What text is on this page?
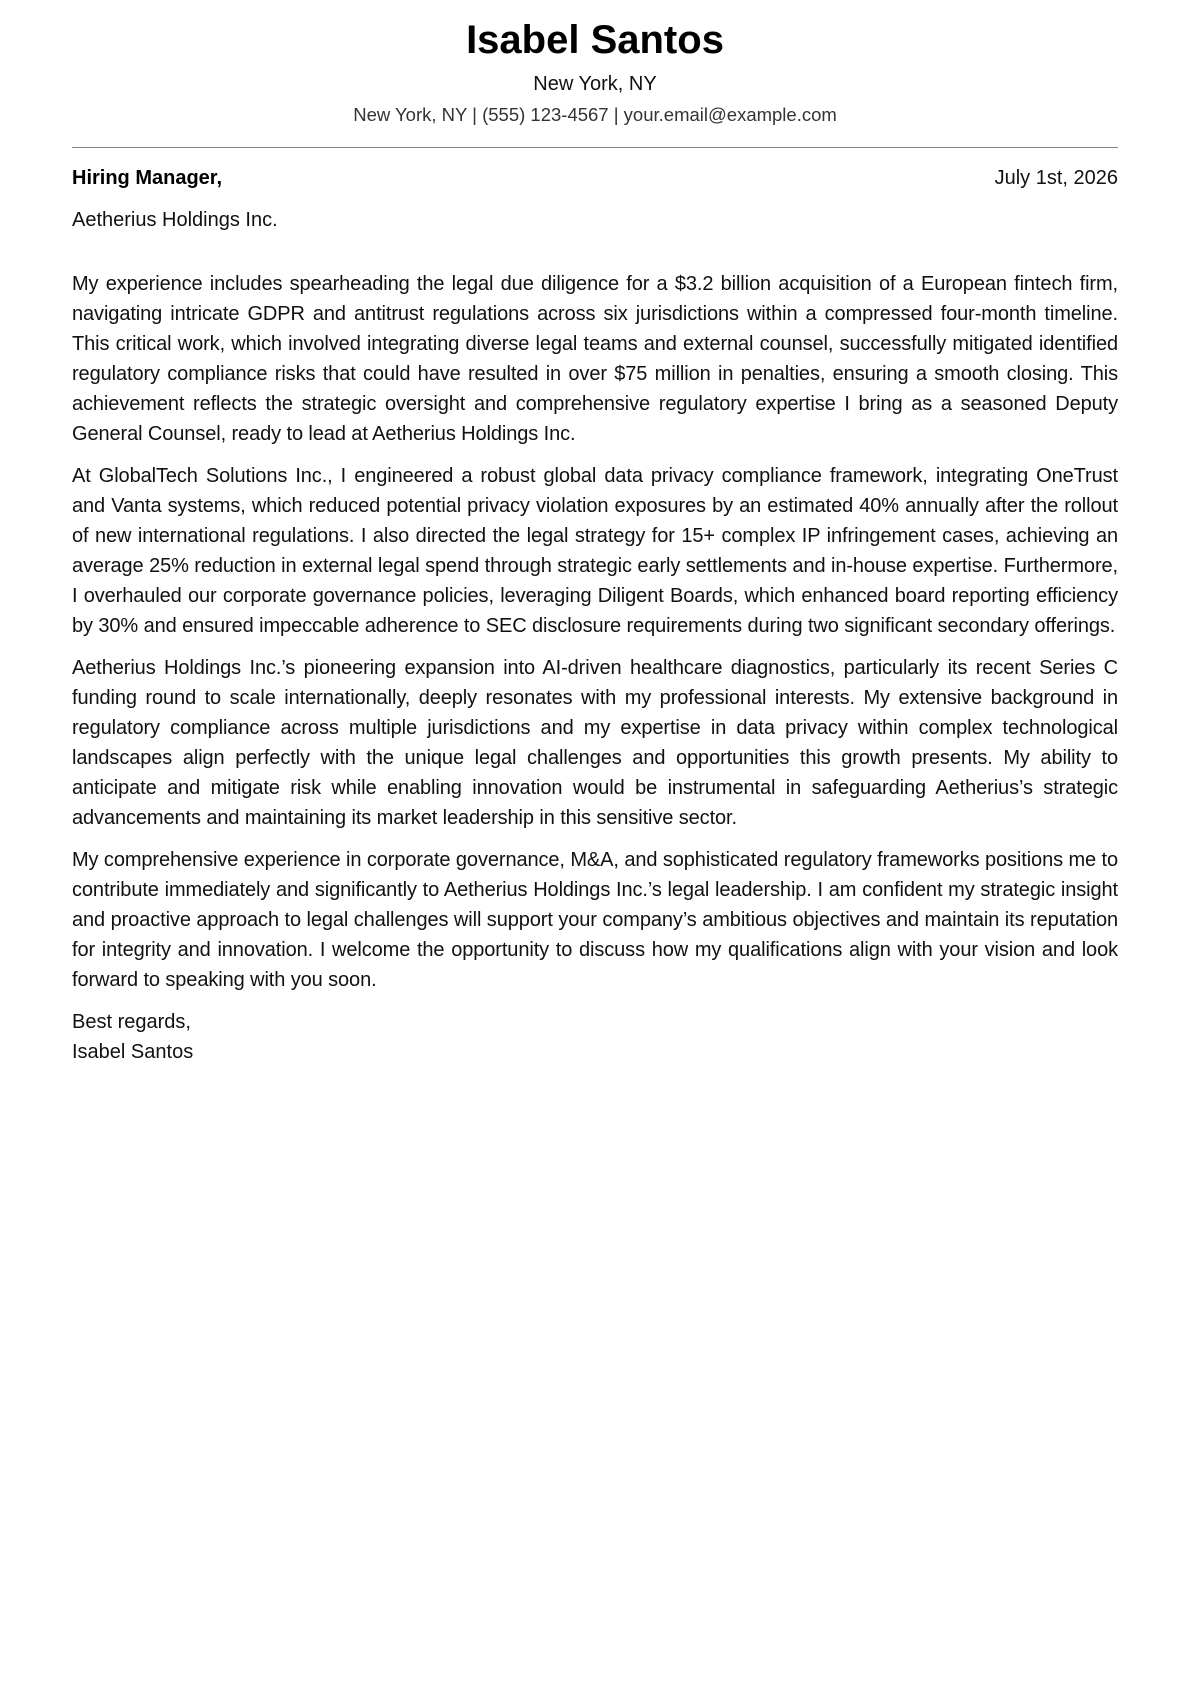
Isabel Santos
New York, NY
New York, NY | (555) 123-4567 | your.email@example.com
Hiring Manager,	July 1st, 2026
Aetherius Holdings Inc.

My experience includes spearheading the legal due diligence for a $3.2 billion acquisition of a European fintech firm, navigating intricate GDPR and antitrust regulations across six jurisdictions within a compressed four-month timeline. This critical work, which involved integrating diverse legal teams and external counsel, successfully mitigated identified regulatory compliance risks that could have resulted in over $75 million in penalties, ensuring a smooth closing. This achievement reflects the strategic oversight and comprehensive regulatory expertise I bring as a seasoned Deputy General Counsel, ready to lead at Aetherius Holdings Inc.

At GlobalTech Solutions Inc., I engineered a robust global data privacy compliance framework, integrating OneTrust and Vanta systems, which reduced potential privacy violation exposures by an estimated 40% annually after the rollout of new international regulations. I also directed the legal strategy for 15+ complex IP infringement cases, achieving an average 25% reduction in external legal spend through strategic early settlements and in-house expertise. Furthermore, I overhauled our corporate governance policies, leveraging Diligent Boards, which enhanced board reporting efficiency by 30% and ensured impeccable adherence to SEC disclosure requirements during two significant secondary offerings.

Aetherius Holdings Inc.’s pioneering expansion into AI-driven healthcare diagnostics, particularly its recent Series C funding round to scale internationally, deeply resonates with my professional interests. My extensive background in regulatory compliance across multiple jurisdictions and my expertise in data privacy within complex technological landscapes align perfectly with the unique legal challenges and opportunities this growth presents. My ability to anticipate and mitigate risk while enabling innovation would be instrumental in safeguarding Aetherius’s strategic advancements and maintaining its market leadership in this sensitive sector.

My comprehensive experience in corporate governance, M&A, and sophisticated regulatory frameworks positions me to contribute immediately and significantly to Aetherius Holdings Inc.’s legal leadership. I am confident my strategic insight and proactive approach to legal challenges will support your company’s ambitious objectives and maintain its reputation for integrity and innovation. I welcome the opportunity to discuss how my qualifications align with your vision and look forward to speaking with you soon.

Best regards,
Isabel Santos
